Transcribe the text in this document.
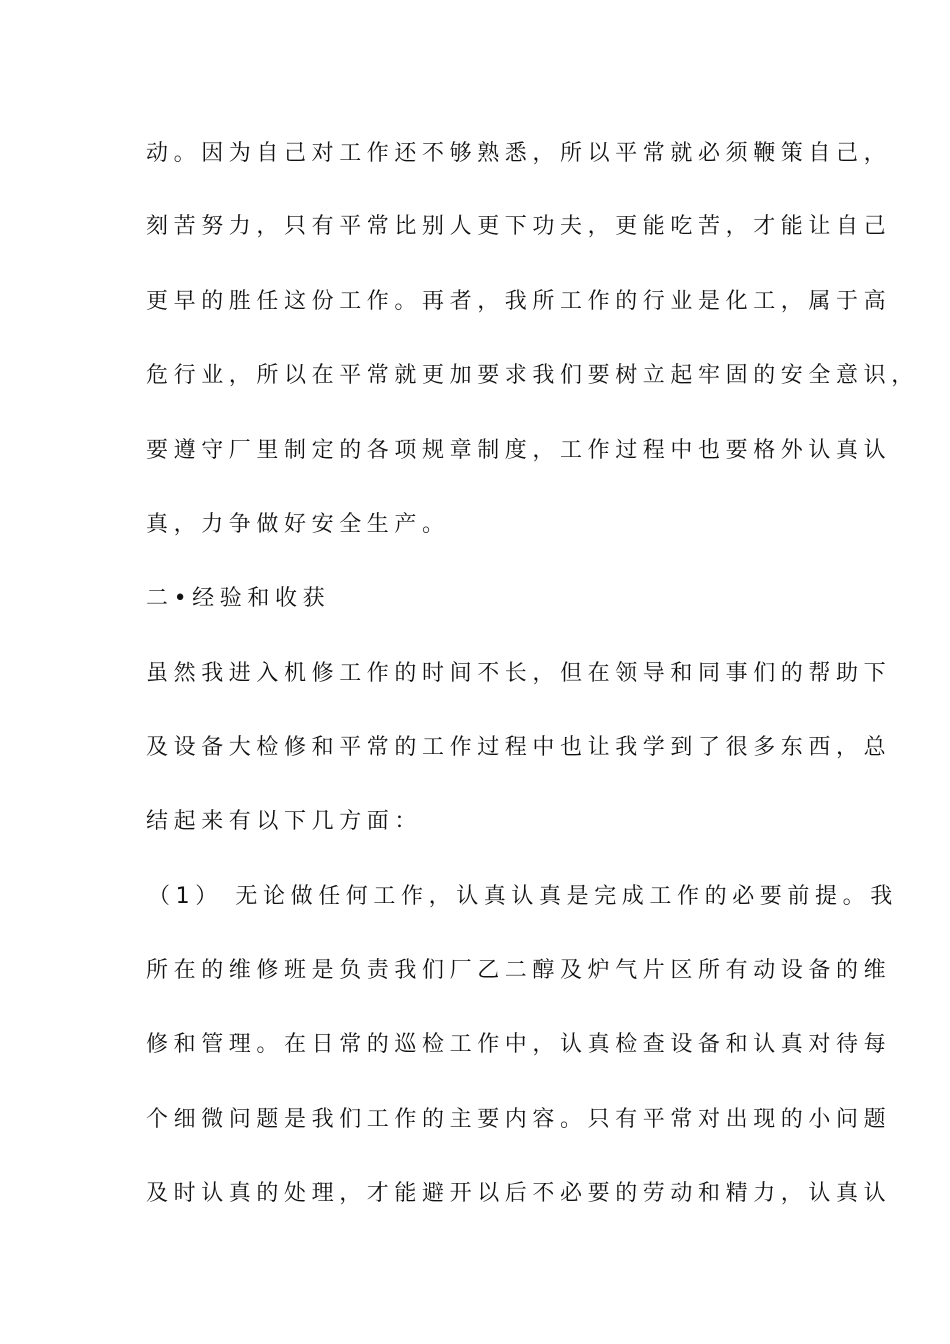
动。因为自己对工作还不够熟悉，所以平常就必须鞭策自己，
刻苦努力，只有平常比别人更下功夫，更能吃苦，才能让自己
更早的胜任这份工作。再者，我所工作的行业是化工，属于高
危行业，所以在平常就更加要求我们要树立起牢固的安全意识，
要遵守厂里制定的各项规章制度，工作过程中也要格外认真认
真，力争做好安全生产。
二•经验和收获
虽然我进入机修工作的时间不长，但在领导和同事们的帮助下
及设备大检修和平常的工作过程中也让我学到了很多东西，总
结起来有以下几方面：
（1） 无论做任何工作，认真认真是完成工作的必要前提。我
所在的维修班是负责我们厂乙二醇及炉气片区所有动设备的维
修和管理。在日常的巡检工作中，认真检查设备和认真对待每
个细微问题是我们工作的主要内容。只有平常对出现的小问题
及时认真的处理，才能避开以后不必要的劳动和精力，认真认
